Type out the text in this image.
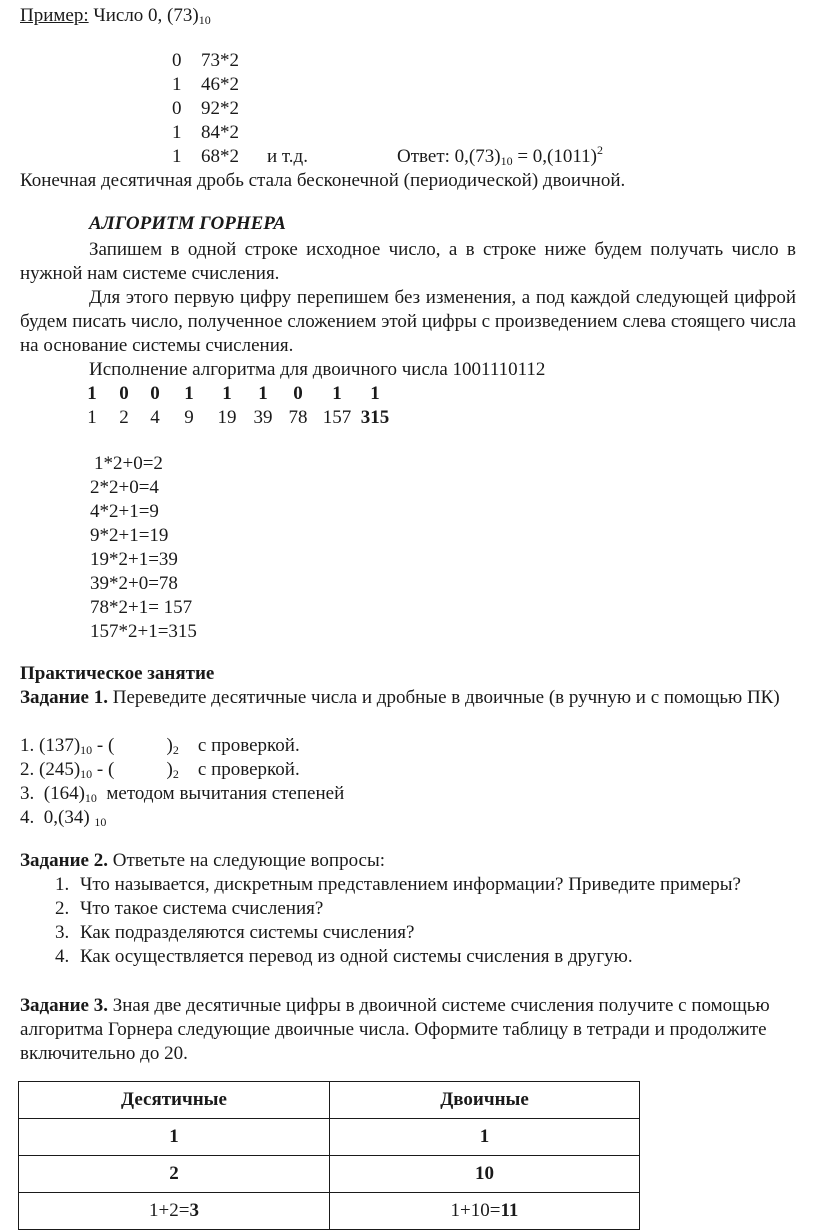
Пример: Число 0, $(73)_{10}$
0 73*2
1 46*2
0 92*2
1 84*2
1 68*2 и т.д.	Ответ: $0,(73)_{10} = 0,(1011)^2$
Конечная десятичная дробь стала бесконечной (периодической) двоичной.
АЛГОРИТМ ГОРНЕРА
Запишем в одной строке исходное число, а в строке ниже будем получать число в нужной нам системе счисления.
Для этого первую цифру перепишем без изменения, а под каждой следующей цифрой будем писать число, полученное сложением этой цифры с произведением слева стоящего числа на основание системы счисления.
Исполнение алгоритма для двоичного числа 1001110112
1	0	0	1	1	1	0	1	1
1	2	4	9	19 39 78 157 315
1*2+0=2
2*2+0=4
4*2+1=9
9*2+1=19
19*2+1=39
39*2+0=78
78*2+1= 157
157*2+1=315
Практическое занятие
Задание 1. Переведите десятичные числа и дробные в двоичные (в ручную и с помощью ПК)
1. $(137)_{10}$ - (           )$_2$    с проверкой.
2. $(245)_{10}$ - (           )$_2$    с проверкой.
3.  $(164)_{10}$  методом вычитания степеней
4.  0,(34) $_{10}$
Задание 2. Ответьте на следующие вопросы:
1. Что называется, дискретным представлением информации? Приведите примеры?
2. Что такое система счисления?
3. Как подразделяются системы счисления?
4. Как осуществляется перевод из одной системы счисления в другую.
Задание 3. Зная две десятичные цифры в двоичной системе счисления получите с помощью алгоритма Горнера следующие двоичные числа. Оформите таблицу в тетради и продолжите включительно до 20.
Десятичные	Двоичные
1	1
2	10
1+2=3	1+10=11
